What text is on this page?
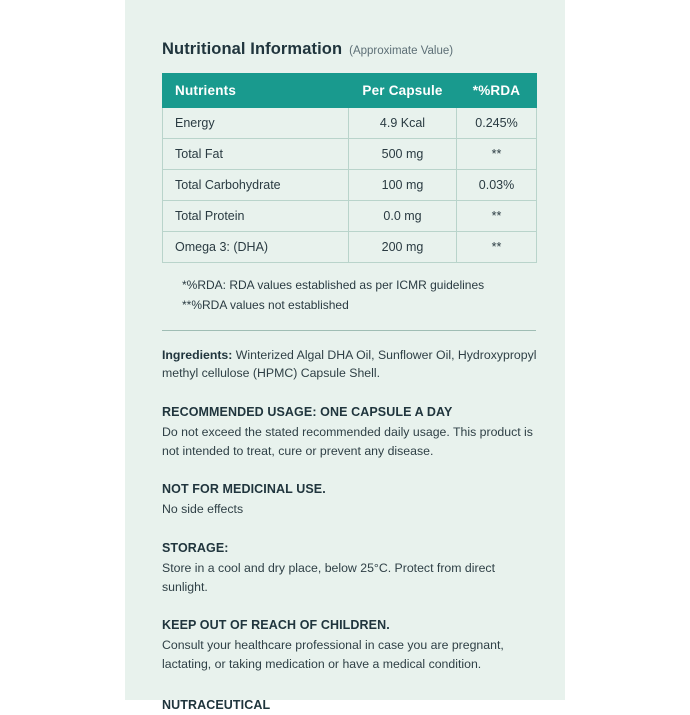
Nutritional Information (Approximate Value)
Nutrients	Per Capsule	*%RDA
Energy	4.9 Kcal	0.245%
Total Fat	500 mg	**
Total Carbohydrate	100 mg	0.03%
Total Protein	0.0 mg	**
Omega 3: (DHA)	200 mg	**
*%RDA: RDA values established as per ICMR guidelines
**%RDA values not established

Ingredients: Winterized Algal DHA Oil, Sunflower Oil, Hydroxypropyl methyl cellulose (HPMC) Capsule Shell.

RECOMMENDED USAGE: ONE CAPSULE A DAY

Do not exceed the stated recommended daily usage. This product is not intended to treat, cure or prevent any disease.

NOT FOR MEDICINAL USE.

No side effects

STORAGE:

Store in a cool and dry place, below 25°C. Protect from direct sunlight.

KEEP OUT OF REACH OF CHILDREN.

Consult your healthcare professional in case you are pregnant, lactating, or taking medication or have a medical condition.

NUTRACEUTICAL
